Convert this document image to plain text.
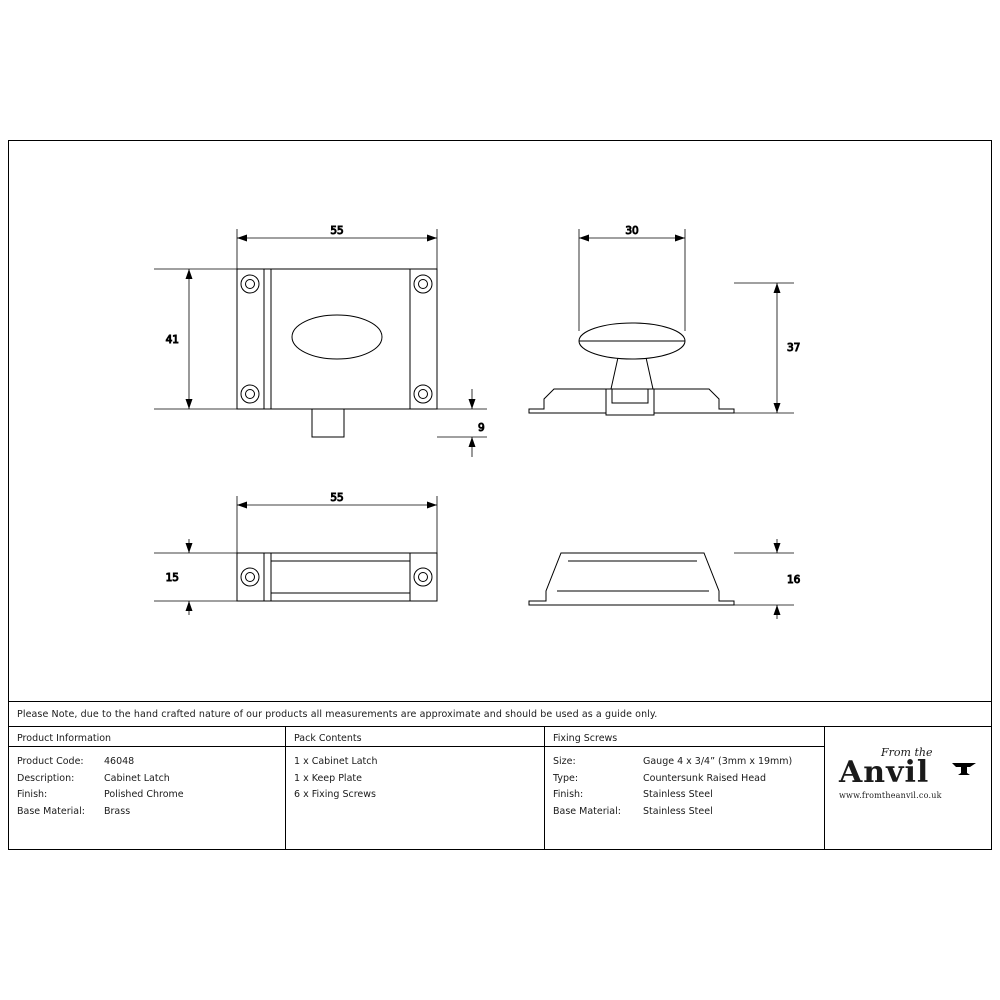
55
41
9
30
37
55
15	16
Please Note, due to the hand crafted nature of our products all measurements are approximate and should be used as a guide only.
Product Information
Product Code:	46048
Description:	Cabinet Latch
Finish:	Polished Chrome
Base Material:	Brass
Pack Contents
1 x Cabinet Latch
1 x Keep Plate
6 x Fixing Screws
Fixing Screws
Size:	Gauge 4 x 3/4” (3mm x 19mm)
Type:	Countersunk Raised Head
Finish:	Stainless Steel
Base Material:	Stainless Steel
From the
Anvil
www.fromtheanvil.co.uk
